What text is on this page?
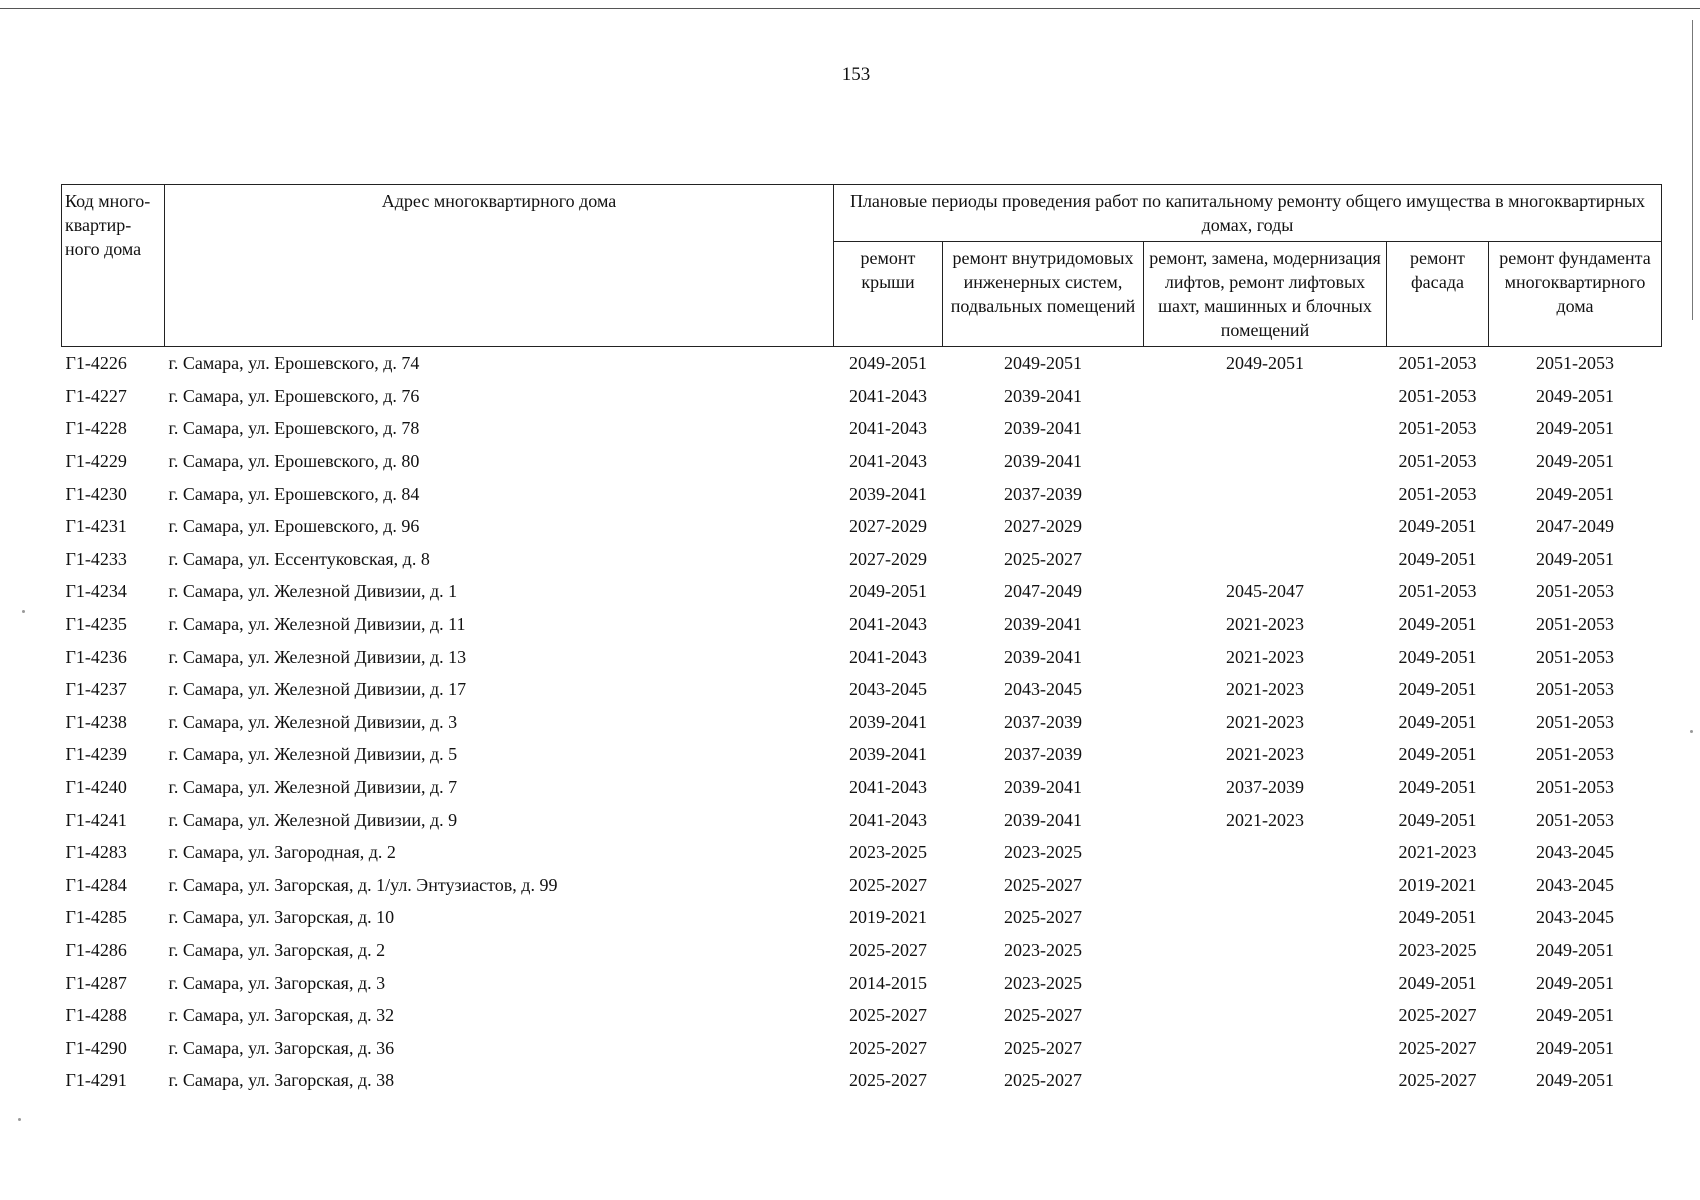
153
Код много-квартир-ного дома	Адрес многоквартирного дома	Плановые периоды проведения работ по капитальному ремонту общего имущества в многоквартирных домах, годы				
		ремонт крыши	ремонт внутридомовых инженерных систем, подвальных помещений	ремонт, замена, модернизация лифтов, ремонт лифтовых шахт, машинных и блочных помещений	ремонт фасада	ремонт фундамента многоквартирного дома
Г1-4226	г. Самара, ул. Ерошевского, д. 74	2049-2051	2049-2051	2049-2051	2051-2053	2051-2053
Г1-4227	г. Самара, ул. Ерошевского, д. 76	2041-2043	2039-2041		2051-2053	2049-2051
Г1-4228	г. Самара, ул. Ерошевского, д. 78	2041-2043	2039-2041		2051-2053	2049-2051
Г1-4229	г. Самара, ул. Ерошевского, д. 80	2041-2043	2039-2041		2051-2053	2049-2051
Г1-4230	г. Самара, ул. Ерошевского, д. 84	2039-2041	2037-2039		2051-2053	2049-2051
Г1-4231	г. Самара, ул. Ерошевского, д. 96	2027-2029	2027-2029		2049-2051	2047-2049
Г1-4233	г. Самара, ул. Ессентуковская, д. 8	2027-2029	2025-2027		2049-2051	2049-2051
Г1-4234	г. Самара, ул. Железной Дивизии, д. 1	2049-2051	2047-2049	2045-2047	2051-2053	2051-2053
Г1-4235	г. Самара, ул. Железной Дивизии, д. 11	2041-2043	2039-2041	2021-2023	2049-2051	2051-2053
Г1-4236	г. Самара, ул. Железной Дивизии, д. 13	2041-2043	2039-2041	2021-2023	2049-2051	2051-2053
Г1-4237	г. Самара, ул. Железной Дивизии, д. 17	2043-2045	2043-2045	2021-2023	2049-2051	2051-2053
Г1-4238	г. Самара, ул. Железной Дивизии, д. 3	2039-2041	2037-2039	2021-2023	2049-2051	2051-2053
Г1-4239	г. Самара, ул. Железной Дивизии, д. 5	2039-2041	2037-2039	2021-2023	2049-2051	2051-2053
Г1-4240	г. Самара, ул. Железной Дивизии, д. 7	2041-2043	2039-2041	2037-2039	2049-2051	2051-2053
Г1-4241	г. Самара, ул. Железной Дивизии, д. 9	2041-2043	2039-2041	2021-2023	2049-2051	2051-2053
Г1-4283	г. Самара, ул. Загородная, д. 2	2023-2025	2023-2025		2021-2023	2043-2045
Г1-4284	г. Самара, ул. Загорская, д. 1/ул. Энтузиастов, д. 99	2025-2027	2025-2027		2019-2021	2043-2045
Г1-4285	г. Самара, ул. Загорская, д. 10	2019-2021	2025-2027		2049-2051	2043-2045
Г1-4286	г. Самара, ул. Загорская, д. 2	2025-2027	2023-2025		2023-2025	2049-2051
Г1-4287	г. Самара, ул. Загорская, д. 3	2014-2015	2023-2025		2049-2051	2049-2051
Г1-4288	г. Самара, ул. Загорская, д. 32	2025-2027	2025-2027		2025-2027	2049-2051
Г1-4290	г. Самара, ул. Загорская, д. 36	2025-2027	2025-2027		2025-2027	2049-2051
Г1-4291	г. Самара, ул. Загорская, д. 38	2025-2027	2025-2027		2025-2027	2049-2051
